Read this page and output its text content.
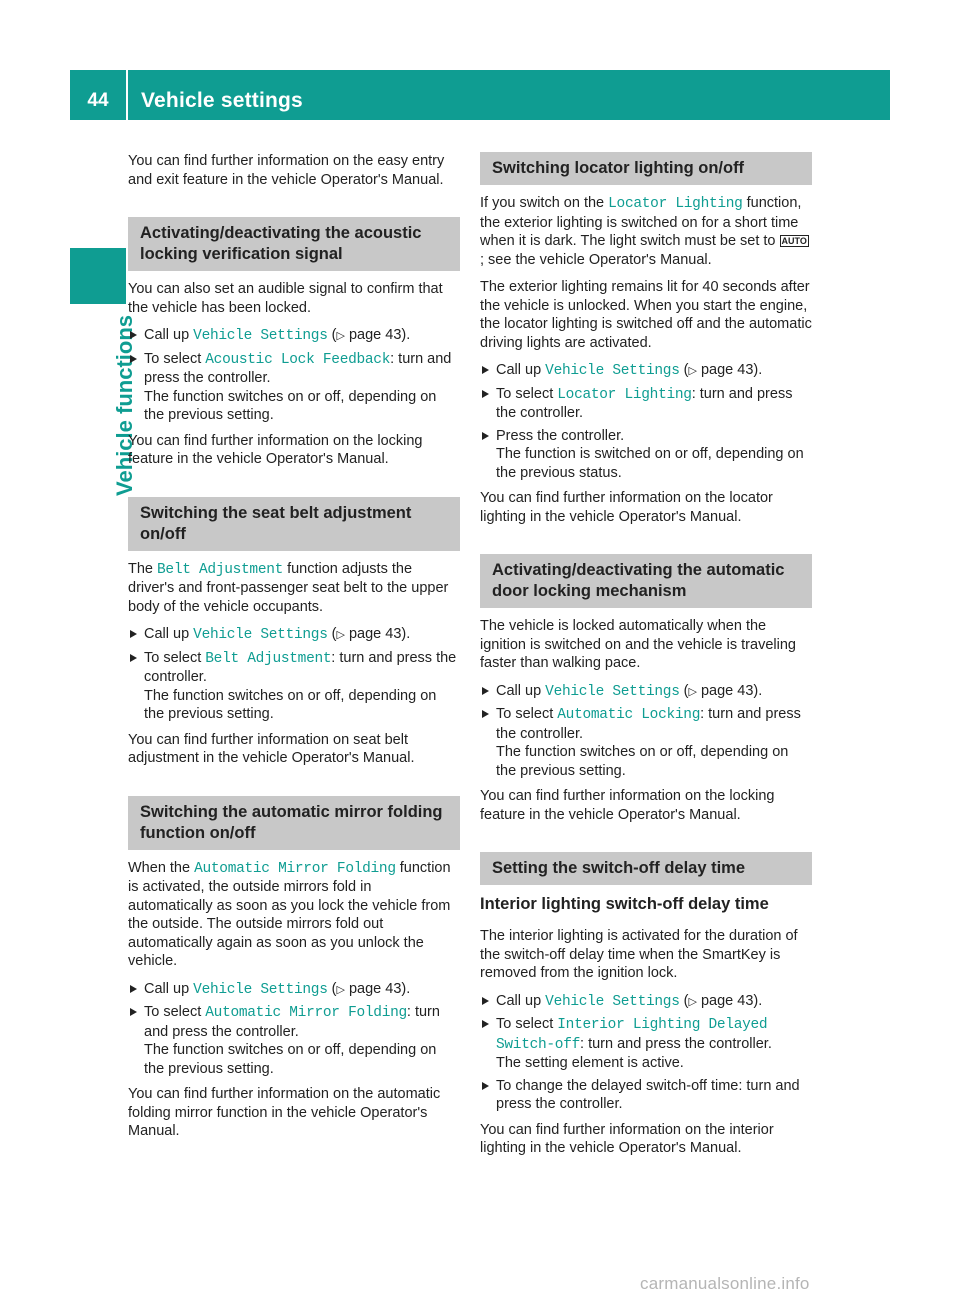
44	Vehicle settings
Vehicle functions

You can find further information on the easy entry and exit feature in the vehicle Operator's Manual.

Activating/deactivating the acoustic locking verification signal

You can also set an audible signal to confirm that the vehicle has been locked.

Call up Vehicle Settings (▷ page 43).
To select Acoustic Lock Feedback: turn and press the controller.
The function switches on or off, depending on the previous setting.

You can find further information on the locking feature in the vehicle Operator's Manual.

Switching the seat belt adjustment on/off

The Belt Adjustment function adjusts the driver's and front-passenger seat belt to the upper body of the vehicle occupants.

Call up Vehicle Settings (▷ page 43).
To select Belt Adjustment: turn and press the controller.
The function switches on or off, depending on the previous setting.

You can find further information on seat belt adjustment in the vehicle Operator's Manual.

Switching the automatic mirror folding function on/off

When the Automatic Mirror Folding function is activated, the outside mirrors fold in automatically as soon as you lock the vehicle from the outside. The outside mirrors fold out automatically again as soon as you unlock the vehicle.

Call up Vehicle Settings (▷ page 43).
To select Automatic Mirror Folding: turn and press the controller.
The function switches on or off, depending on the previous setting.

You can find further information on the automatic folding mirror function in the vehicle Operator's Manual.

Switching locator lighting on/off

If you switch on the Locator Lighting function, the exterior lighting is switched on for a short time when it is dark. The light switch must be set to AUTO; see the vehicle Operator's Manual.

The exterior lighting remains lit for 40 seconds after the vehicle is unlocked. When you start the engine, the locator lighting is switched off and the automatic driving lights are activated.

Call up Vehicle Settings (▷ page 43).
To select Locator Lighting: turn and press the controller.
Press the controller.
The function is switched on or off, depending on the previous status.

You can find further information on the locator lighting in the vehicle Operator's Manual.

Activating/deactivating the automatic door locking mechanism

The vehicle is locked automatically when the ignition is switched on and the vehicle is traveling faster than walking pace.

Call up Vehicle Settings (▷ page 43).
To select Automatic Locking: turn and press the controller.
The function switches on or off, depending on the previous setting.

You can find further information on the locking feature in the vehicle Operator's Manual.

Setting the switch-off delay time
Interior lighting switch-off delay time

The interior lighting is activated for the duration of the switch-off delay time when the SmartKey is removed from the ignition lock.

Call up Vehicle Settings (▷ page 43).
To select Interior Lighting Delayed Switch-off: turn and press the controller.
The setting element is active.
To change the delayed switch-off time: turn and press the controller.

You can find further information on the interior lighting in the vehicle Operator's Manual.

carmanualsonline.info
